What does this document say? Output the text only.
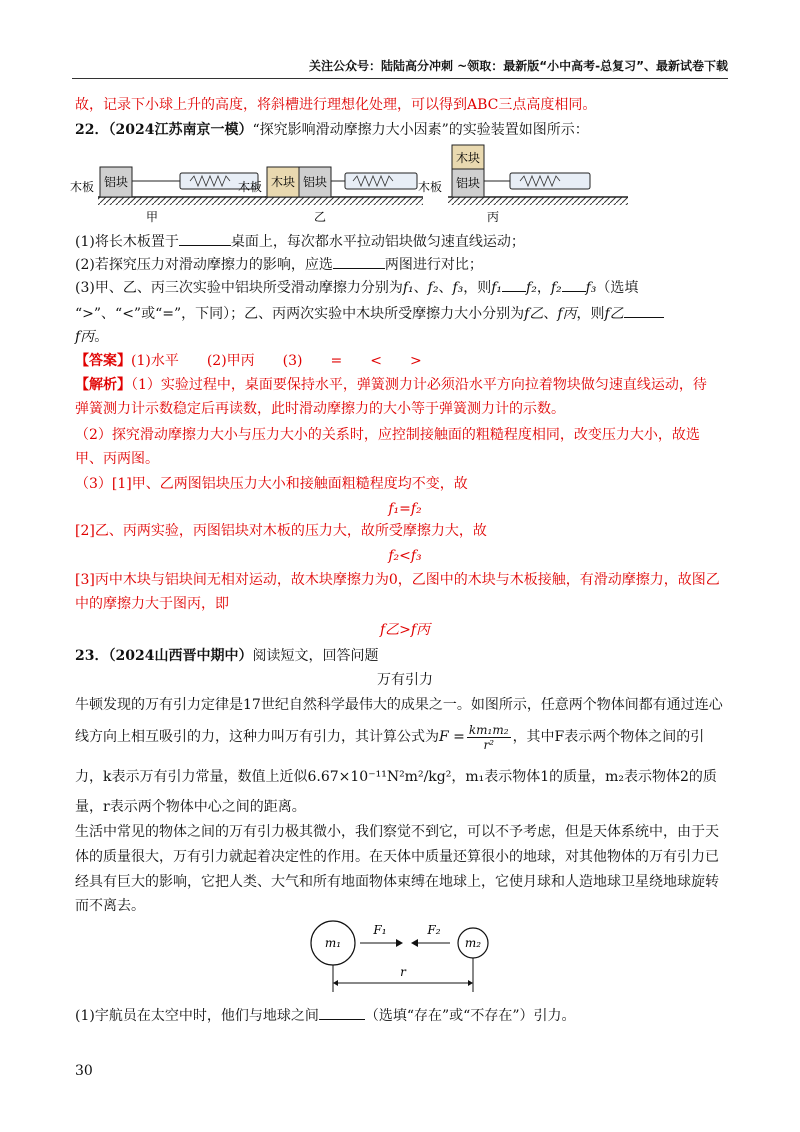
关注公众号：陆陆高分冲刺 ~领取：最新版“小中高考-总复习”、最新试卷下载
故，记录下小球上升的高度，将斜槽进行理想化处理，可以得到ABC三点高度相同。
22．（2024江苏南京一模）“探究影响滑动摩擦力大小因素”的实验装置如图所示：
铝块
木板
甲
木块 铝块
木板
乙
木块
铝块
木板
丙
(1)将长木板置于	桌面上，每次都水平拉动铝块做匀速直线运动；
(2)若探究压力对滑动摩擦力的影响，应选	两图进行对比；
(3)甲、乙、丙三次实验中铝块所受滑动摩擦力分别为f₁、f₂、f₃，则f₁ f₂，f₂ f₃（选填
“>”、“<”或“=”，下同）；乙、丙两次实验中木块所受摩擦力大小分别为f乙、f丙，则f乙
f丙。
【答案】(1)水平　　(2)甲丙　　(3)　　=　　<　　>
【解析】（1）实验过程中，桌面要保持水平，弹簧测力计必须沿水平方向拉着物块做匀速直线运动，待
弹簧测力计示数稳定后再读数，此时滑动摩擦力的大小等于弹簧测力计的示数。
（2）探究滑动摩擦力大小与压力大小的关系时，应控制接触面的粗糙程度相同，改变压力大小，故选
甲、丙两图。
（3）[1]甲、乙两图铝块压力大小和接触面粗糙程度均不变，故
f₁=f₂
[2]乙、丙两实验，丙图铝块对木板的压力大，故所受摩擦力大，故
f₂<f₃
[3]丙中木块与铝块间无相对运动，故木块摩擦力为0，乙图中的木块与木板接触，有滑动摩擦力，故图乙
中的摩擦力大于图丙，即
f乙>f丙
23．（2024山西晋中期中）阅读短文，回答问题
万有引力
牛顿发现的万有引力定律是17世纪自然科学最伟大的成果之一。如图所示，任意两个物体间都有通过连心
线方向上相互吸引的力，这种力叫万有引力，其计算公式为$F = \frac{\text{km₁m₂}}{\text{r²}}$ ，其中F表示两个物体之间的引
力，k表示万有引力常量，数值上近似6.67×10⁻¹¹N²m²/kg²，m₁表示物体1的质量，m₂表示物体2的质
量，r表示两个物体中心之间的距离。
生活中常见的物体之间的万有引力极其微小，我们察觉不到它，可以不予考虑，但是天体系统中，由于天
体的质量很大，万有引力就起着决定性的作用。在天体中质量还算很小的地球，对其他物体的万有引力已
经具有巨大的影响，它把人类、大气和所有地面物体束缚在地球上，它使月球和人造地球卫星绕地球旋转
而不离去。
m₁	m₂
F₁	F₂
r
(1)宇航员在太空中时，他们与地球之间	（选填“存在”或“不存在”）引力。
30
